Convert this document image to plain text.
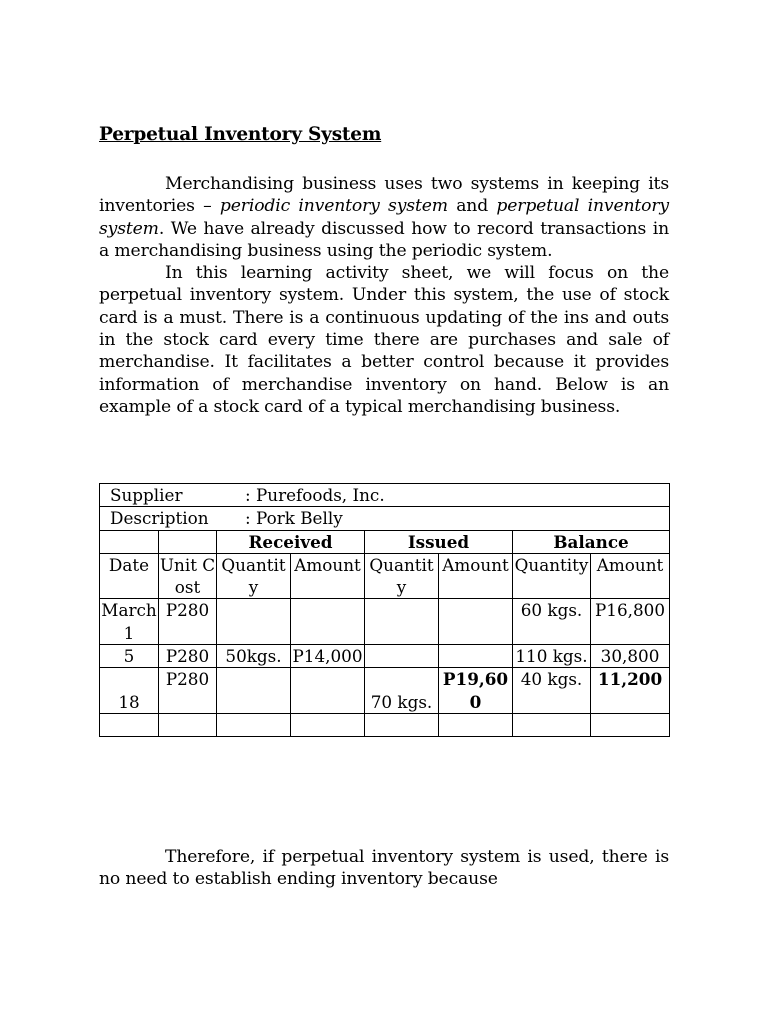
Perpetual Inventory System

Merchandising business uses two systems in keeping its inventories – periodic inventory system and perpetual inventory system. We have already discussed how to record transactions in a merchandising business using the periodic system.

In this learning activity sheet, we will focus on the perpetual inventory system. Under this system, the use of stock card is a must. There is a continuous updating of the ins and outs in the stock card every time there are purchases and sale of merchandise. It facilitates a better control because it provides information of merchandise inventory on hand. Below is an example of a stock card of a typical merchandising business.

Supplier : Purefoods, Inc.							
Description : Pork Belly							
		Received		Issued		Balance	
Date	Unit Cost	Quantity	Amount	Quantity	Amount	Quantity	Amount
March 1	P280					60 kgs.	P16,800
5	P280	50kgs.	P14,000			110 kgs.	30,800
18	P280			70 kgs.	P19,600	40 kgs.	11,200

Therefore, if perpetual inventory system is used, there is no need to establish ending inventory because
